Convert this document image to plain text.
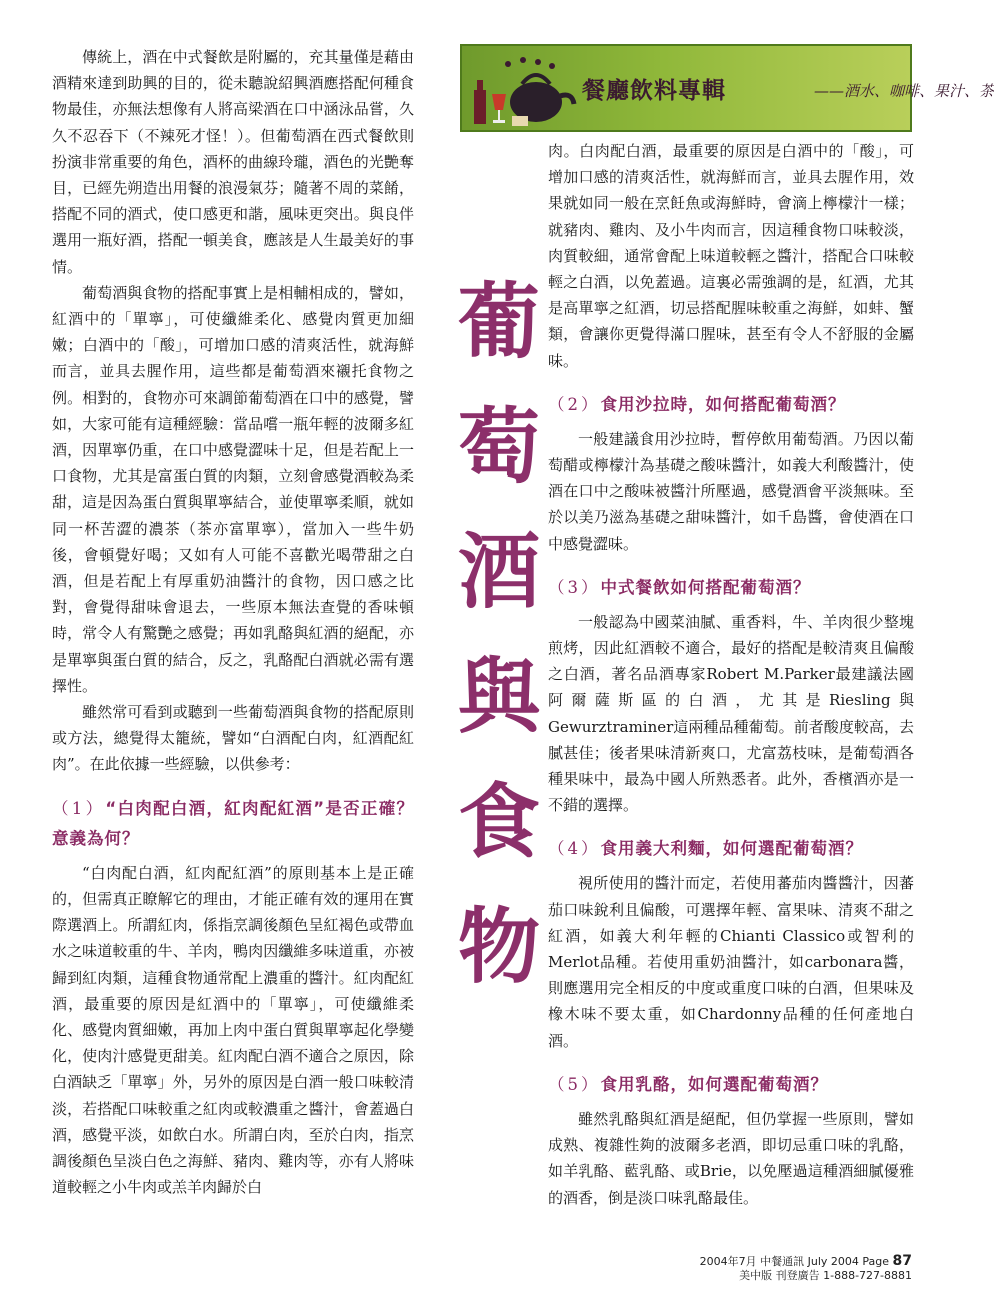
餐廳飲料專輯	——酒水、咖啡、果汁、茶
葡
萄
酒
與
食
物

傳統上，酒在中式餐飲是附屬的，充其量僅是藉由酒精來達到助興的目的，從未聽說紹興酒應搭配何種食物最佳，亦無法想像有人將高梁酒在口中涵泳品嘗，久久不忍吞下（不辣死才怪！）。但葡萄酒在西式餐飲則扮演非常重要的角色，酒杯的曲線玲瓏，酒色的光艷奪目，已經先朔造出用餐的浪漫氣芬；隨著不周的菜餚，搭配不同的酒式，使口感更和諧，風味更突出。與良伴選用一瓶好酒，搭配一頓美食，應該是人生最美好的事情。

葡萄酒與食物的搭配事實上是相輔相成的，譬如，紅酒中的「單寧」，可使纖維柔化、感覺肉質更加細嫩；白酒中的「酸」，可增加口感的清爽活性，就海鮮而言，並具去腥作用，這些都是葡萄酒來襯托食物之例。相對的，食物亦可來調節葡萄酒在口中的感覺，譬如，大家可能有這種經驗：當品嚐一瓶年輕的波爾多紅酒，因單寧仍重，在口中感覺澀味十足，但是若配上一口食物，尤其是富蛋白質的肉類，立刻會感覺酒較為柔甜，這是因為蛋白質與單寧結合，並使單寧柔順，就如同一杯苦澀的濃茶（茶亦富單寧），當加入一些牛奶後，會頓覺好喝；又如有人可能不喜歡光喝帶甜之白酒，但是若配上有厚重奶油醬汁的食物，因口感之比對，會覺得甜味會退去，一些原本無法查覺的香味頓時，常令人有驚艷之感覺；再如乳酪與紅酒的絕配，亦是單寧與蛋白質的結合，反之，乳酪配白酒就必需有選擇性。

雖然常可看到或聽到一些葡萄酒與食物的搭配原則或方法，總覺得太籠統，譬如“白酒配白肉，紅酒配紅肉”。在此依據一些經驗，以供參考：

（1）“白肉配白酒，紅肉配紅酒”是否正確？意義為何？

“白肉配白酒，紅肉配紅酒”的原則基本上是正確的，但需真正瞭解它的理由，才能正確有效的運用在實際選酒上。所謂紅肉，係指烹調後顏色呈紅褐色或帶血水之味道較重的牛、羊肉，鴨肉因纖維多味道重，亦被歸到紅肉類，這種食物通常配上濃重的醬汁。紅肉配紅酒，最重要的原因是紅酒中的「單寧」，可使纖維柔化、感覺肉質細嫩，再加上肉中蛋白質與單寧起化學變化，使肉汁感覺更甜美。紅肉配白酒不適合之原因，除白酒缺乏「單寧」外，另外的原因是白酒一般口味較清淡，若搭配口味較重之紅肉或較濃重之醬汁，會蓋過白酒，感覺平淡，如飲白水。所謂白肉，至於白肉，指烹調後顏色呈淡白色之海鮮、豬肉、雞肉等，亦有人將味道較輕之小牛肉或羔羊肉歸於白

肉。白肉配白酒，最重要的原因是白酒中的「酸」，可增加口感的清爽活性，就海鮮而言，並具去腥作用，效果就如同一般在烹飪魚或海鮮時，會滴上檸檬汁一樣；就豬肉、雞肉、及小牛肉而言，因這種食物口味較淡，肉質較細，通常會配上味道較輕之醬汁，搭配合口味較輕之白酒，以免蓋過。這裏必需強調的是，紅酒，尤其是高單寧之紅酒，切忌搭配腥味較重之海鮮，如蚌、蟹類，會讓你更覺得滿口腥味，甚至有令人不舒服的金屬味。

（2）食用沙拉時，如何搭配葡萄酒？

一般建議食用沙拉時，暫停飲用葡萄酒。乃因以葡萄醋或檸檬汁為基礎之酸味醬汁，如義大利酸醬汁，使酒在口中之酸味被醬汁所壓過，感覺酒會平淡無味。至於以美乃滋為基礎之甜味醬汁，如千島醬，會使酒在口中感覺澀味。

（3）中式餐飲如何搭配葡萄酒？

一般認為中國菜油膩、重香料，牛、羊肉很少整塊煎烤，因此紅酒較不適合，最好的搭配是較清爽且偏酸之白酒，著名品酒專家Robert M.Parker最建議法國阿爾薩斯區的白酒，尤其是Riesling與Gewurztraminer這兩種品種葡萄。前者酸度較高，去膩甚佳；後者果味清新爽口，尤富荔枝味，是葡萄酒各種果味中，最為中國人所熟悉者。此外，香檳酒亦是一不錯的選擇。

（4）食用義大利麵，如何選配葡萄酒？

視所使用的醬汁而定，若使用蕃茄肉醬醬汁，因蕃茄口味銳利且偏酸，可選擇年輕、富果味、清爽不甜之紅酒，如義大利年輕的Chianti Classico或智利的Merlot品種。若使用重奶油醬汁，如carbonara醬，則應選用完全相反的中度或重度口味的白酒，但果味及橡木味不要太重，如Chardonny品種的任何產地白酒。

（5）食用乳酪，如何選配葡萄酒？

雖然乳酪與紅酒是絕配，但仍掌握一些原則，譬如成熟、複雜性夠的波爾多老酒，即切忌重口味的乳酪，如羊乳酪、藍乳酪、或Brie，以免壓過這種酒細膩優雅的酒香，倒是淡口味乳酪最佳。

2004年7月 中餐通訊 July 2004 Page 87
美中版 刊登廣告 1-888-727-8881
